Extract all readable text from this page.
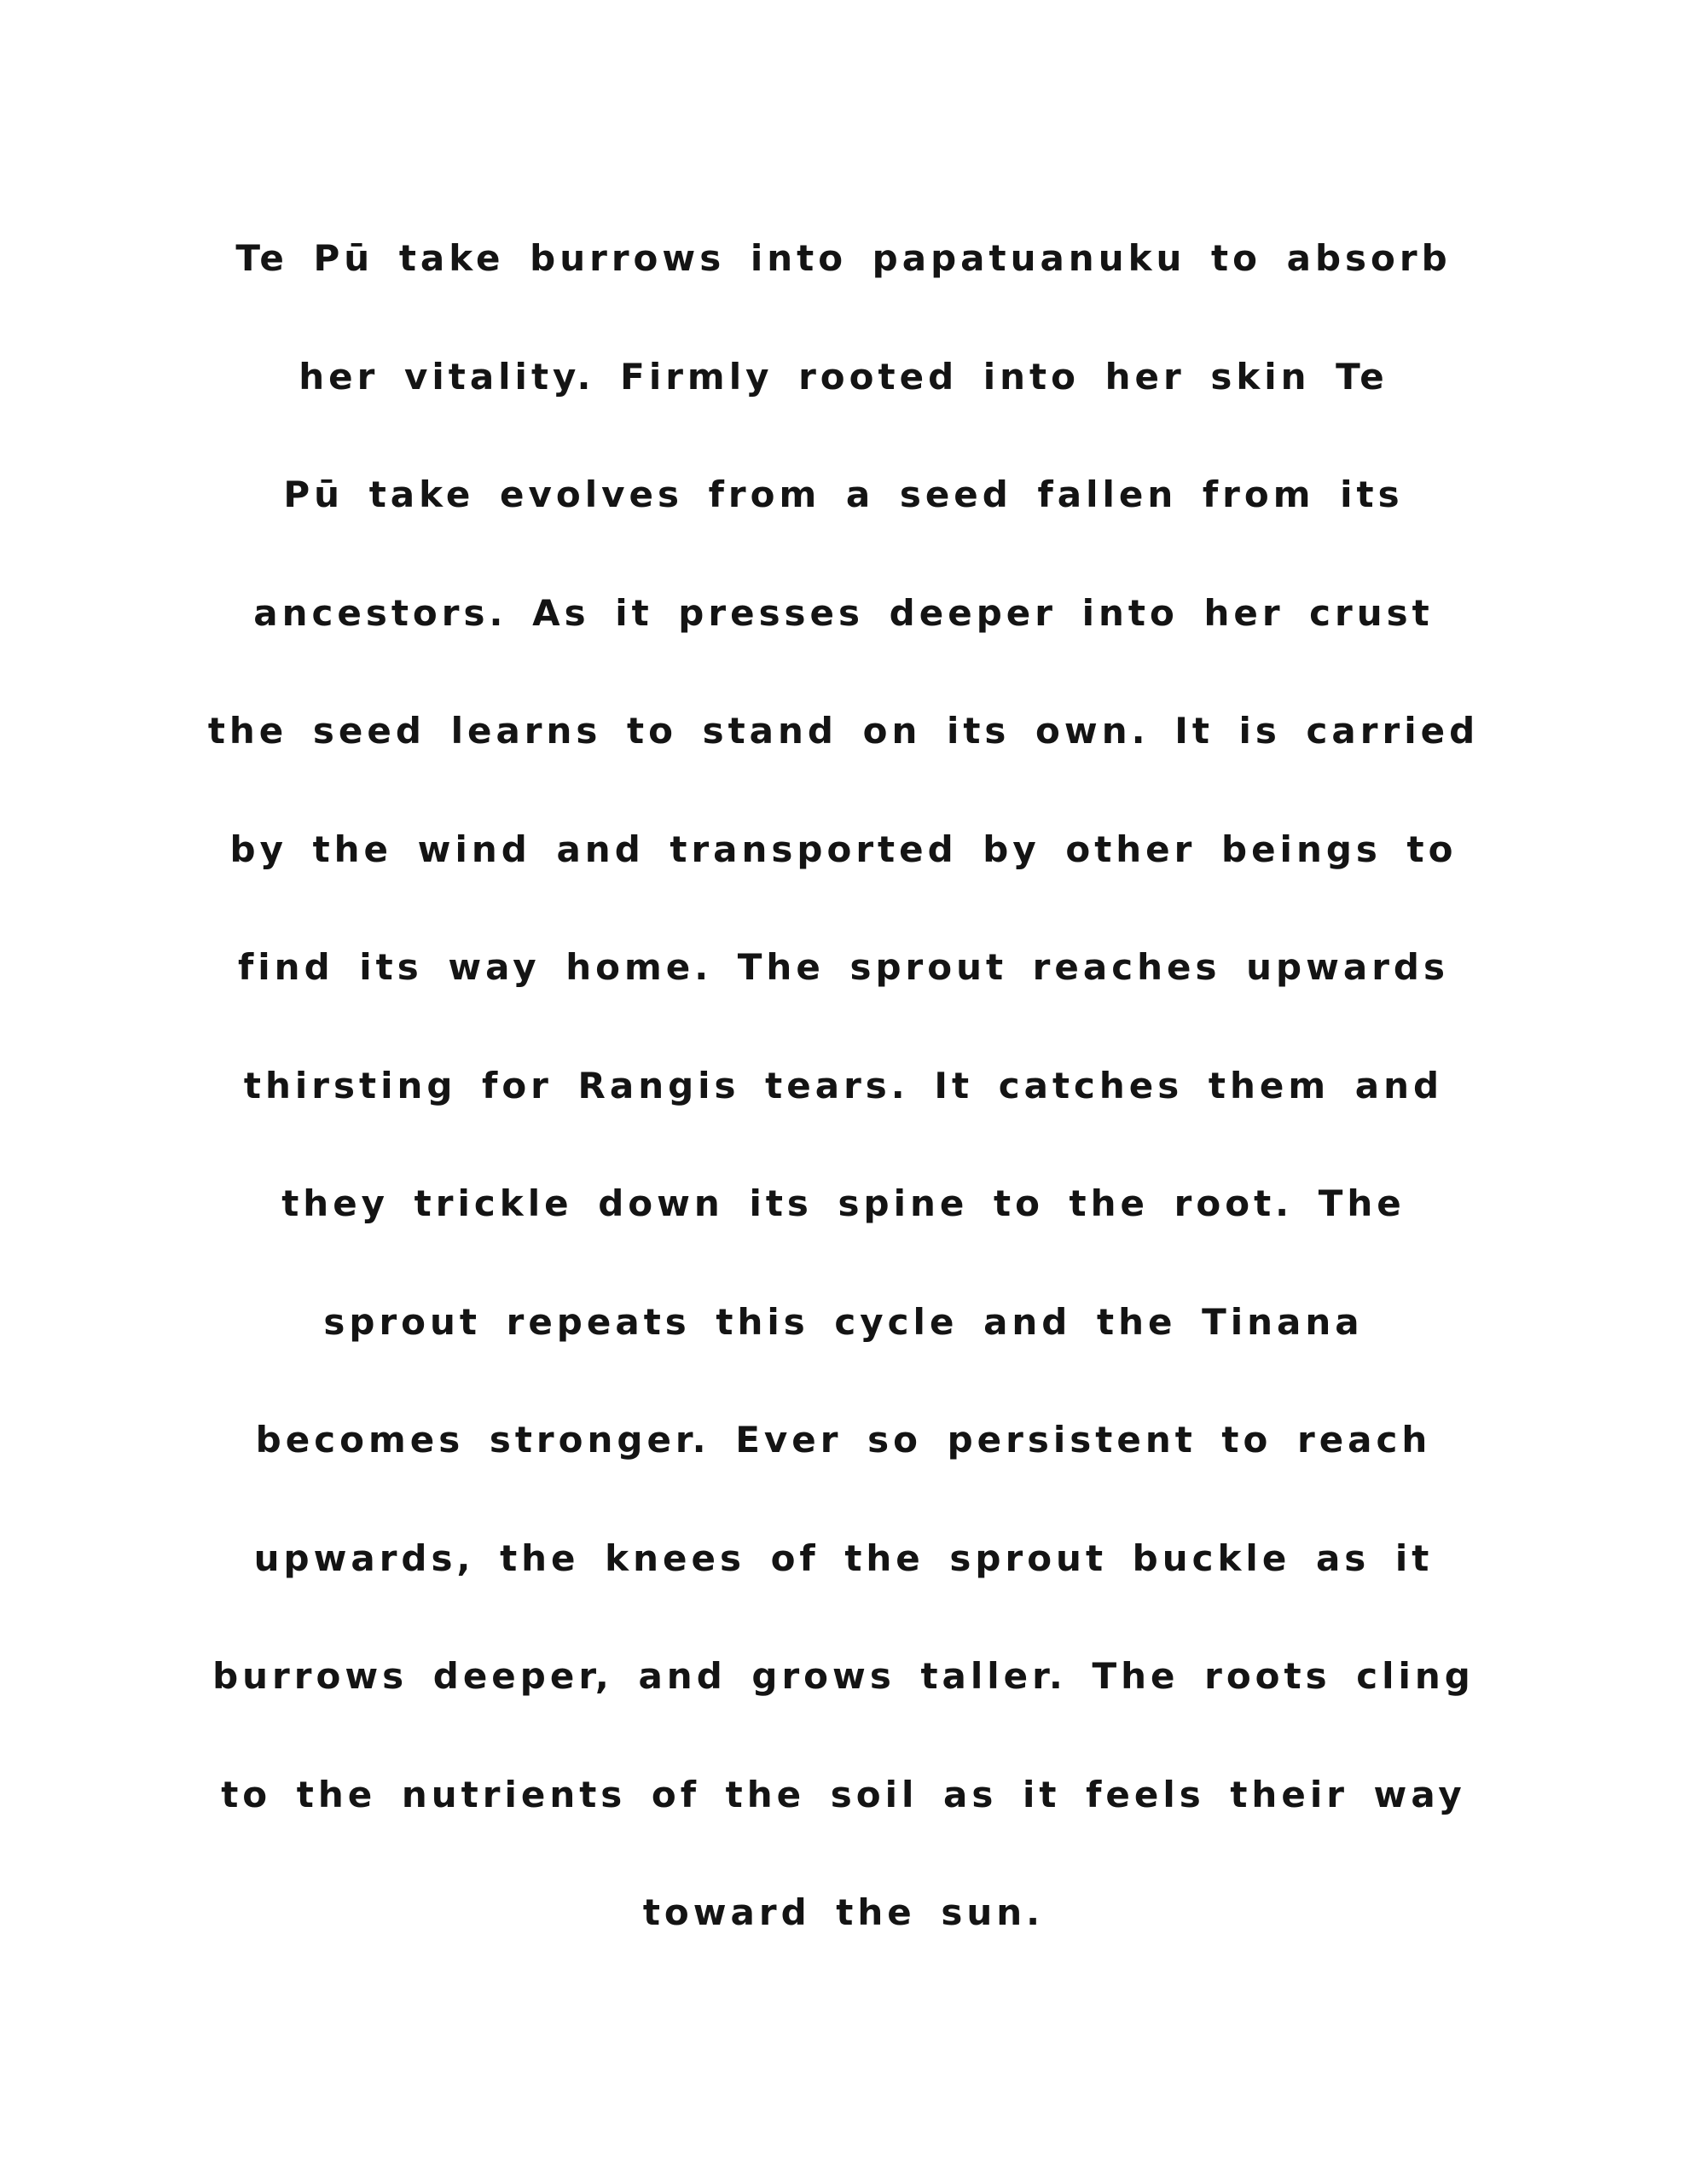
Te Pū take burrows into papatuanuku to absorb
her vitality. Firmly rooted into her skin Te
Pū take evolves from a seed fallen from its
ancestors. As it presses deeper into her crust
the seed learns to stand on its own. It is carried
by the wind and transported by other beings to
find its way home. The sprout reaches upwards
thirsting for Rangis tears. It catches them and
they trickle down its spine to the root. The
sprout repeats this cycle and the Tinana
becomes stronger. Ever so persistent to reach
upwards, the knees of the sprout buckle as it
burrows deeper, and grows taller. The roots cling
to the nutrients of the soil as it feels their way
toward the sun.
